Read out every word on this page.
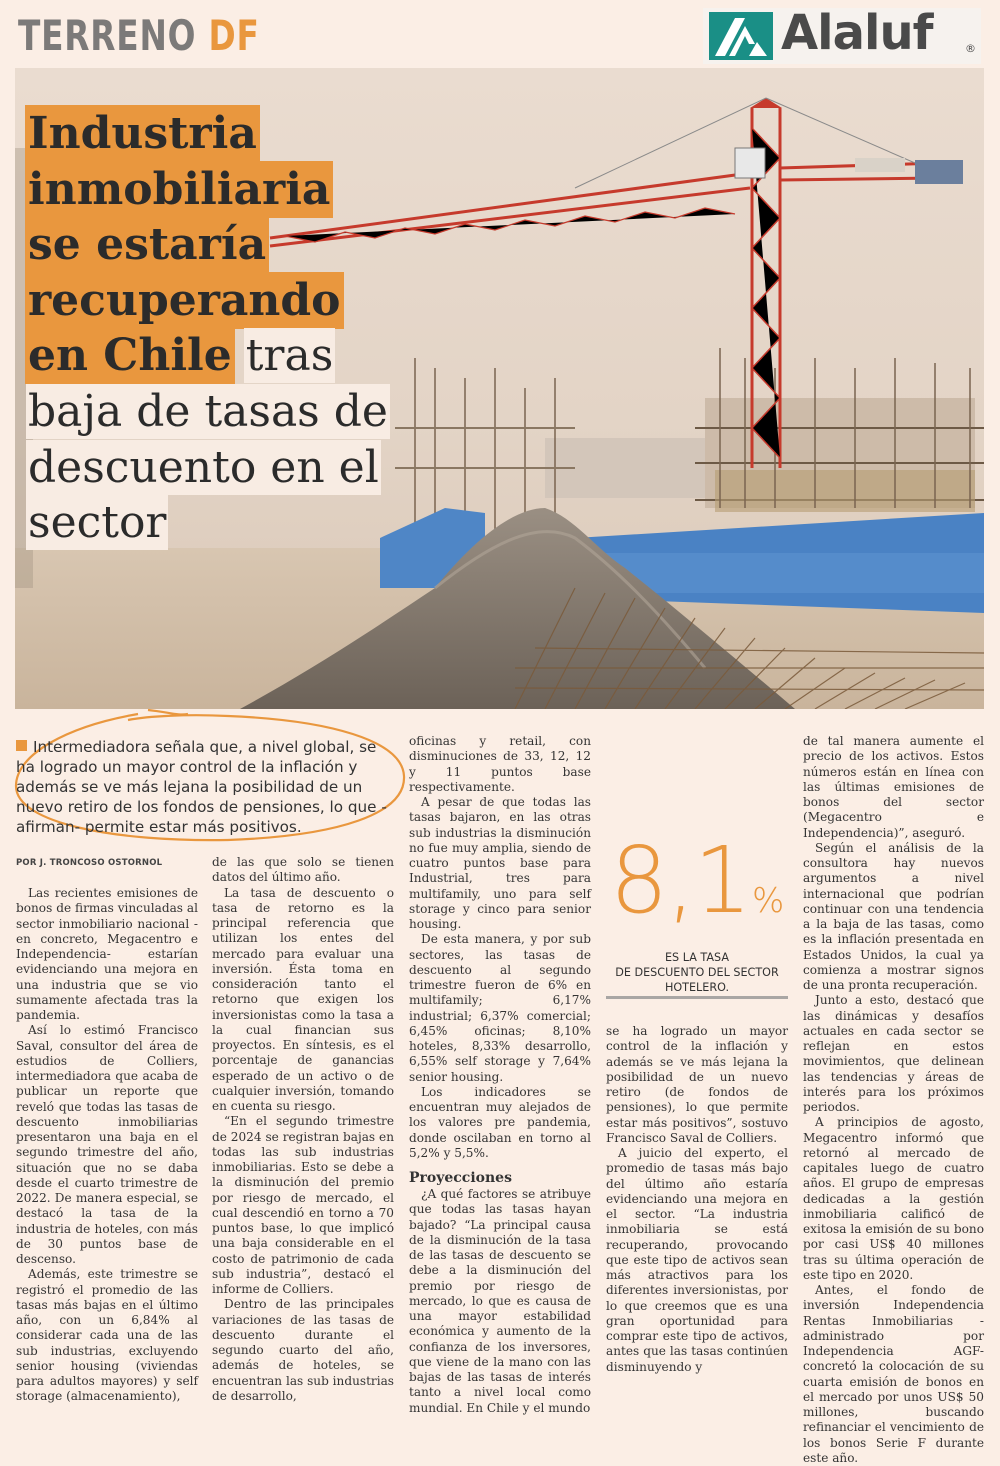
TERRENO DF	Alaluf	®
Industria
inmobiliaria
se estaría
recuperando
en Chile tras
baja de tasas de
descuento en el
sector
Intermediadora señala que, a nivel global, se ha logrado un mayor control de la inflación y además se ve más lejana la posibilidad de un nuevo retiro de los fondos de pensiones, lo que -afirman- permite estar más positivos.
POR J. TRONCOSO OSTORNOL

Las recientes emisiones de bonos de firmas vinculadas al sector inmobiliario nacional -en concreto, Megacentro e Independencia- estarían evidenciando una mejora en una industria que se vio sumamente afectada tras la pandemia.

Así lo estimó Francisco Saval, consultor del área de estudios de Colliers, intermediadora que acaba de publicar un reporte que reveló que todas las tasas de descuento inmobiliarias presentaron una baja en el segundo trimestre del año, situación que no se daba desde el cuarto trimestre de 2022. De manera especial, se destacó la tasa de la industria de hoteles, con más de 30 puntos base de descenso.

Además, este trimestre se registró el promedio de las tasas más bajas en el último año, con un 6,84% al considerar cada una de las sub industrias, excluyendo senior housing (viviendas para adultos mayores) y self storage (almacenamiento),

de las que solo se tienen datos del último año.

La tasa de descuento o tasa de retorno es la principal referencia que utilizan los entes del mercado para evaluar una inversión. Ésta toma en consideración tanto el retorno que exigen los inversionistas como la tasa a la cual financian sus proyectos. En síntesis, es el porcentaje de ganancias esperado de un activo o de cualquier inversión, tomando en cuenta su riesgo.

“En el segundo trimestre de 2024 se registran bajas en todas las sub industrias inmobiliarias. Esto se debe a la disminución del premio por riesgo de mercado, el cual descendió en torno a 70 puntos base, lo que implicó una baja considerable en el costo de patrimonio de cada sub industria”, destacó el informe de Colliers.

Dentro de las principales variaciones de las tasas de descuento durante el segundo cuarto del año, además de hoteles, se encuentran las sub industrias de desarrollo,

oficinas y retail, con disminuciones de 33, 12, 12 y 11 puntos base respectivamente.

A pesar de que todas las tasas bajaron, en las otras sub industrias la disminución no fue muy amplia, siendo de cuatro puntos base para Industrial, tres para multifamily, uno para self storage y cinco para senior housing.

De esta manera, y por sub sectores, las tasas de descuento al segundo trimestre fueron de 6% en multifamily; 6,17% industrial; 6,37% comercial; 6,45% oficinas; 8,10% hoteles, 8,33% desarrollo, 6,55% self storage y 7,64% senior housing.

Los indicadores se encuentran muy alejados de los valores pre pandemia, donde oscilaban en torno al 5,2% y 5,5%.

Proyecciones

¿A qué factores se atribuye que todas las tasas hayan bajado? “La principal causa de la disminución de la tasa de las tasas de descuento se debe a la disminución del premio por riesgo de mercado, lo que es causa de una mayor estabilidad económica y aumento de la confianza de los inversores, que viene de la mano con las bajas de las tasas de interés tanto a nivel local como mundial. En Chile y el mundo

8,1%
ES LA TASA
DE DESCUENTO DEL SECTOR
HOTELERO.

se ha logrado un mayor control de la inflación y además se ve más lejana la posibilidad de un nuevo retiro (de fondos de pensiones), lo que permite estar más positivos”, sostuvo Francisco Saval de Colliers.

A juicio del experto, el promedio de tasas más bajo del último año estaría evidenciando una mejora en el sector. “La industria inmobiliaria se está recuperando, provocando que este tipo de activos sean más atractivos para los diferentes inversionistas, por lo que creemos que es una gran oportunidad para comprar este tipo de activos, antes que las tasas continúen disminuyendo y

de tal manera aumente el precio de los activos. Estos números están en línea con las últimas emisiones de bonos del sector (Megacentro e Independencia)”, aseguró.

Según el análisis de la consultora hay nuevos argumentos a nivel internacional que podrían continuar con una tendencia a la baja de las tasas, como es la inflación presentada en Estados Unidos, la cual ya comienza a mostrar signos de una pronta recuperación.

Junto a esto, destacó que las dinámicas y desafíos actuales en cada sector se reflejan en estos movimientos, que delinean las tendencias y áreas de interés para los próximos periodos.

A principios de agosto, Megacentro informó que retornó al mercado de capitales luego de cuatro años. El grupo de empresas dedicadas a la gestión inmobiliaria calificó de exitosa la emisión de su bono por casi US$ 40 millones tras su última operación de este tipo en 2020.

Antes, el fondo de inversión Independencia Rentas Inmobiliarias -administrado por Independencia AGF- concretó la colocación de su cuarta emisión de bonos en el mercado por unos US$ 50 millones, buscando refinanciar el vencimiento de los bonos Serie F durante este año.
